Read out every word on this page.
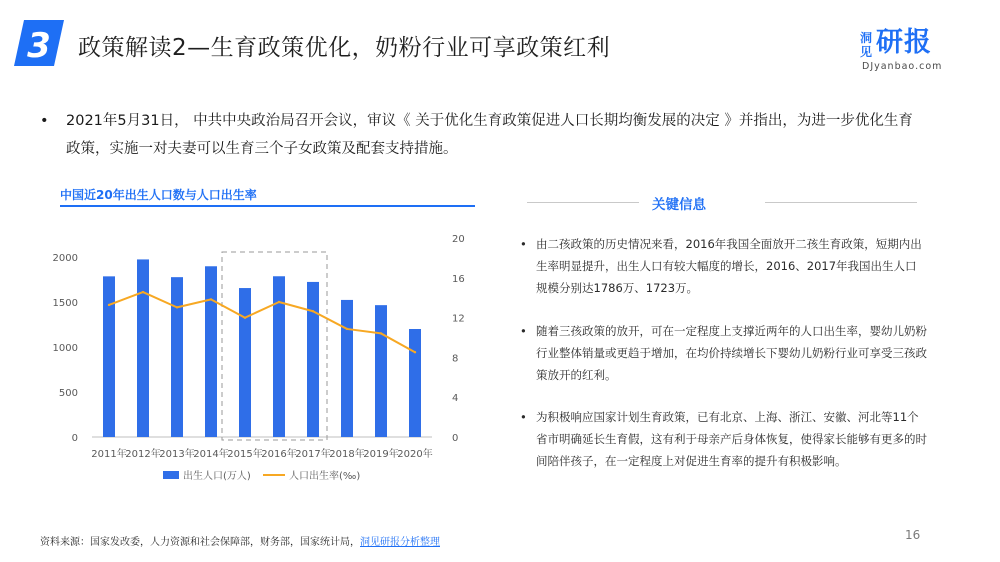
3 政策解读2—生育政策优化，奶粉行业可享政策红利	洞见 研报
DJyanbao.com
• 2021年5月31日， 中共中央政治局召开会议，审议《 关于优化生育政策促进人口长期均衡发展的决定 》并指出，为进一步优化生育政策，实施一对夫妻可以生育三个子女政策及配套支持措施。
中国近20年出生人口数与人口出生率
0
500
1000
1500
2000
0
4
8
12
16
20
2011年
2012年
2013年
2014年
2015年
2016年
2017年
2018年
2019年
2020年
出生人口(万人)	人口出生率(‰)
关键信息
• 由二孩政策的历史情况来看，2016年我国全面放开二孩生育政策，短期内出生率明显提升，出生人口有较大幅度的增长，2016、2017年我国出生人口规模分别达1786万、1723万。
• 随着三孩政策的放开，可在一定程度上支撑近两年的人口出生率，婴幼儿奶粉行业整体销量或更趋于增加，在均价持续增长下婴幼儿奶粉行业可享受三孩政策放开的红利。
• 为积极响应国家计划生育政策，已有北京、上海、浙江、安徽、河北等11个省市明确延长生育假，这有利于母亲产后身体恢复，使得家长能够有更多的时间陪伴孩子，在一定程度上对促进生育率的提升有积极影响。
资料来源：国家发改委，人力资源和社会保障部，财务部，国家统计局，洞见研报分析整理
16
